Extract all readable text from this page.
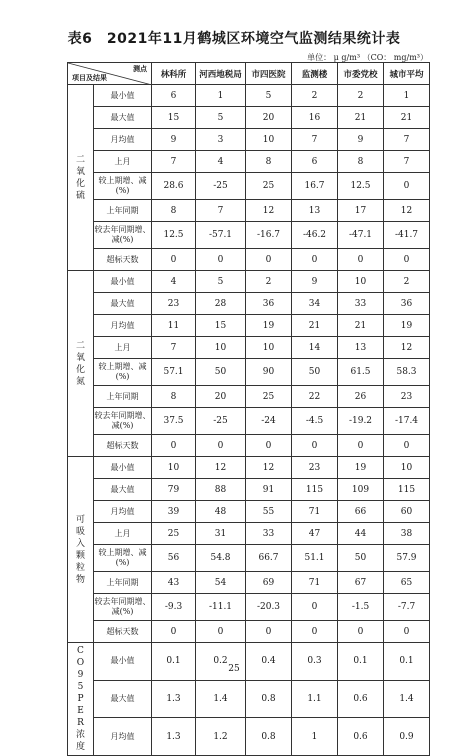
表6　2021年11月鹤城区环境空气监测结果统计表
单位： μ g/m³ （CO： mg/m³）
测点
项目及结果		林科所	河西地税局	市四医院	监测楼	市委党校	城市平均

二氧化硫	最小值	6	1	5	2	2	1
	最大值	15	5	20	16	21	21
	月均值	9	3	10	7	9	7
	上月	7	4	8	6	8	7
	较上期增、减(%)	28.6	-25	25	16.7	12.5	0
	上年同期	8	7	12	13	17	12
	较去年同期增、减(%)	12.5	-57.1	-16.7	-46.2	-47.1	-41.7
	超标天数	0	0	0	0	0	0

二氧化氮	最小值	4	5	2	9	10	2
	最大值	23	28	36	34	33	36
	月均值	11	15	19	21	21	19
	上月	7	10	10	14	13	12
	较上期增、减(%)	57.1	50	90	50	61.5	58.3
	上年同期	8	20	25	22	26	23
	较去年同期增、减(%)	37.5	-25	-24	-4.5	-19.2	-17.4
	超标天数	0	0	0	0	0	0

可吸入颗粒物	最小值	10	12	12	23	19	10
	最大值	79	88	91	115	109	115
	月均值	39	48	55	71	66	60
	上月	25	31	33	47	44	38
	较上期增、减(%)	56	54.8	66.7	51.1	50	57.9
	上年同期	43	54	69	71	67	65
	较去年同期增、减(%)	-9.3	-11.1	-20.3	0	-1.5	-7.7
	超标天数	0	0	0	0	0	0

CO 95PER浓度	最小值	0.1	0.2	0.4	0.3	0.1	0.1
	最大值	1.3	1.4	0.8	1.1	0.6	1.4
	月均值	1.3	1.2	0.8	1	0.6	0.9
25
